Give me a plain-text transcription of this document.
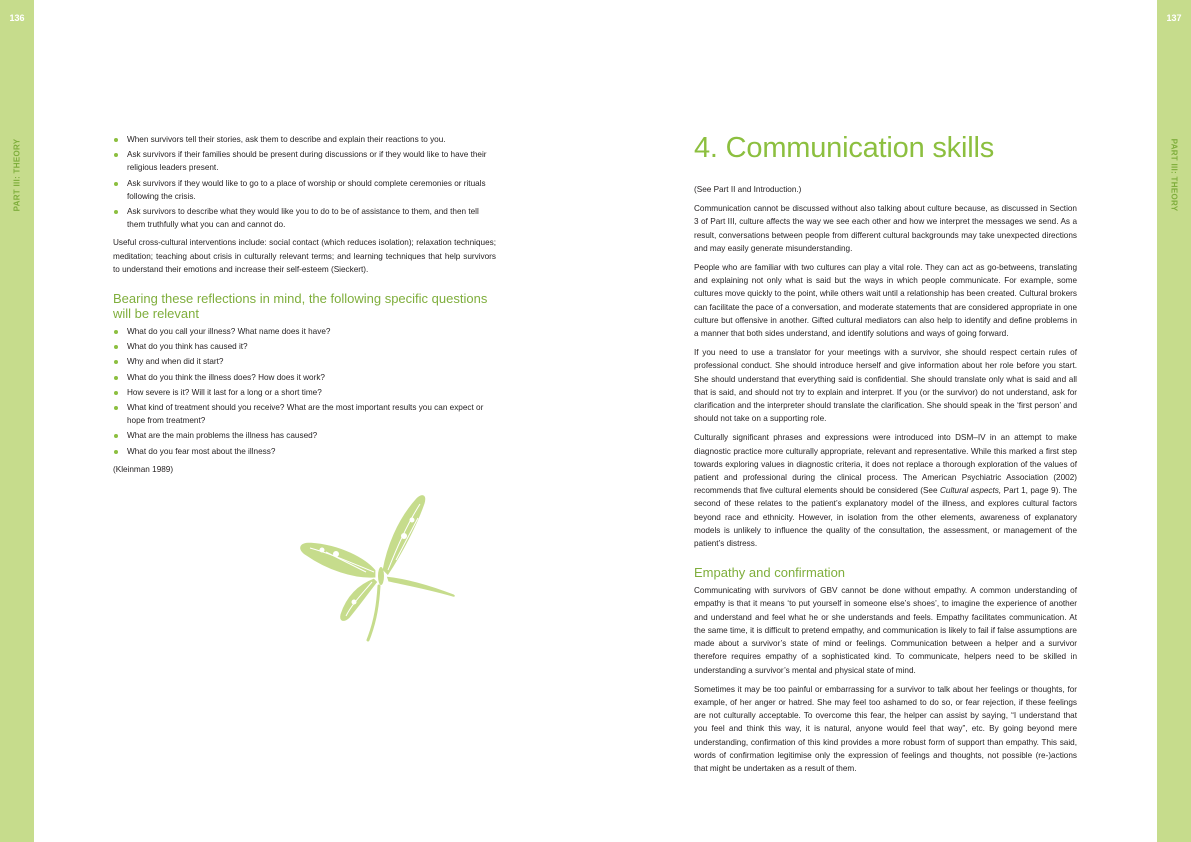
136	137
PART III: THEORY	PART III: THEORY
When survivors tell their stories, ask them to describe and explain their reactions to you.
Ask survivors if their families should be present during discussions or if they would like to have their religious leaders present.
Ask survivors if they would like to go to a place of worship or should complete ceremonies or rituals following the crisis.
Ask survivors to describe what they would like you to do to be of assistance to them, and then tell them truthfully what you can and cannot do.

Useful cross-cultural interventions include: social contact (which reduces isolation); relaxation techniques; meditation; teaching about crisis in culturally relevant terms; and learning techniques that help survivors to understand their emotions and increase their self-esteem (Sieckert).

Bearing these reflections in mind, the following specific questions will be relevant
What do you call your illness? What name does it have?
What do you think has caused it?
Why and when did it start?
What do you think the illness does? How does it work?
How severe is it? Will it last for a long or a short time?
What kind of treatment should you receive? What are the most important results you can expect or hope from treatment?
What are the main problems the illness has caused?
What do you fear most about the illness?

(Kleinman 1989)

4. Communication skills

(See Part II and Introduction.)

Communication cannot be discussed without also talking about culture because, as discussed in Section 3 of Part III, culture affects the way we see each other and how we interpret the messages we send. As a result, conversations between people from different cultural backgrounds may take unexpected directions and may easily generate misunderstanding.

People who are familiar with two cultures can play a vital role. They can act as go-betweens, translating and explaining not only what is said but the ways in which people communicate. For example, some cultures move quickly to the point, while others wait until a relationship has been created. Cultural brokers can facilitate the pace of a conversation, and moderate statements that are considered appropriate in one culture but offensive in another. Gifted cultural mediators can also help to identify and define problems in a manner that both sides understand, and identify solutions and ways of going forward.

If you need to use a translator for your meetings with a survivor, she should respect certain rules of professional conduct. She should introduce herself and give information about her role before you start. She should understand that everything said is confidential. She should translate only what is said and all that is said, and should not try to explain and interpret. If you (or the survivor) do not understand, ask for clarification and the interpreter should translate the clarification. She should speak in the ‘first person’ and should not take on a supporting role.

Culturally significant phrases and expressions were introduced into DSM–IV in an attempt to make diagnostic practice more culturally appropriate, relevant and representative. While this marked a first step towards exploring values in diagnostic criteria, it does not replace a thorough exploration of the values of patient and professional during the clinical process. The American Psychiatric Association (2002) recommends that five cultural elements should be considered (See Cultural aspects, Part 1, page 9). The second of these relates to the patient’s explanatory model of the illness, and explores cultural factors beyond race and ethnicity. However, in isolation from the other elements, awareness of explanatory models is unlikely to influence the quality of the consultation, the assessment, or management of the patient’s distress.

Empathy and confirmation

Communicating with survivors of GBV cannot be done without empathy. A common understanding of empathy is that it means ‘to put yourself in someone else’s shoes’, to imagine the experience of another and understand and feel what he or she understands and feels. Empathy facilitates communication. At the same time, it is difficult to pretend empathy, and communication is likely to fail if false assumptions are made about a survivor’s state of mind or feelings. Communication between a helper and a survivor therefore requires empathy of a sophisticated kind. To communicate, helpers need to be skilled in understanding a survivor’s mental and physical state of mind.

Sometimes it may be too painful or embarrassing for a survivor to talk about her feelings or thoughts, for example, of her anger or hatred. She may feel too ashamed to do so, or fear rejection, if these feelings are not culturally acceptable. To overcome this fear, the helper can assist by saying, “I understand that you feel and think this way, it is natural, anyone would feel that way”, etc. By going beyond mere understanding, confirmation of this kind provides a more robust form of support than empathy. This said, words of confirmation legitimise only the expression of feelings and thoughts, not possible (re-)actions that might be undertaken as a result of them.
